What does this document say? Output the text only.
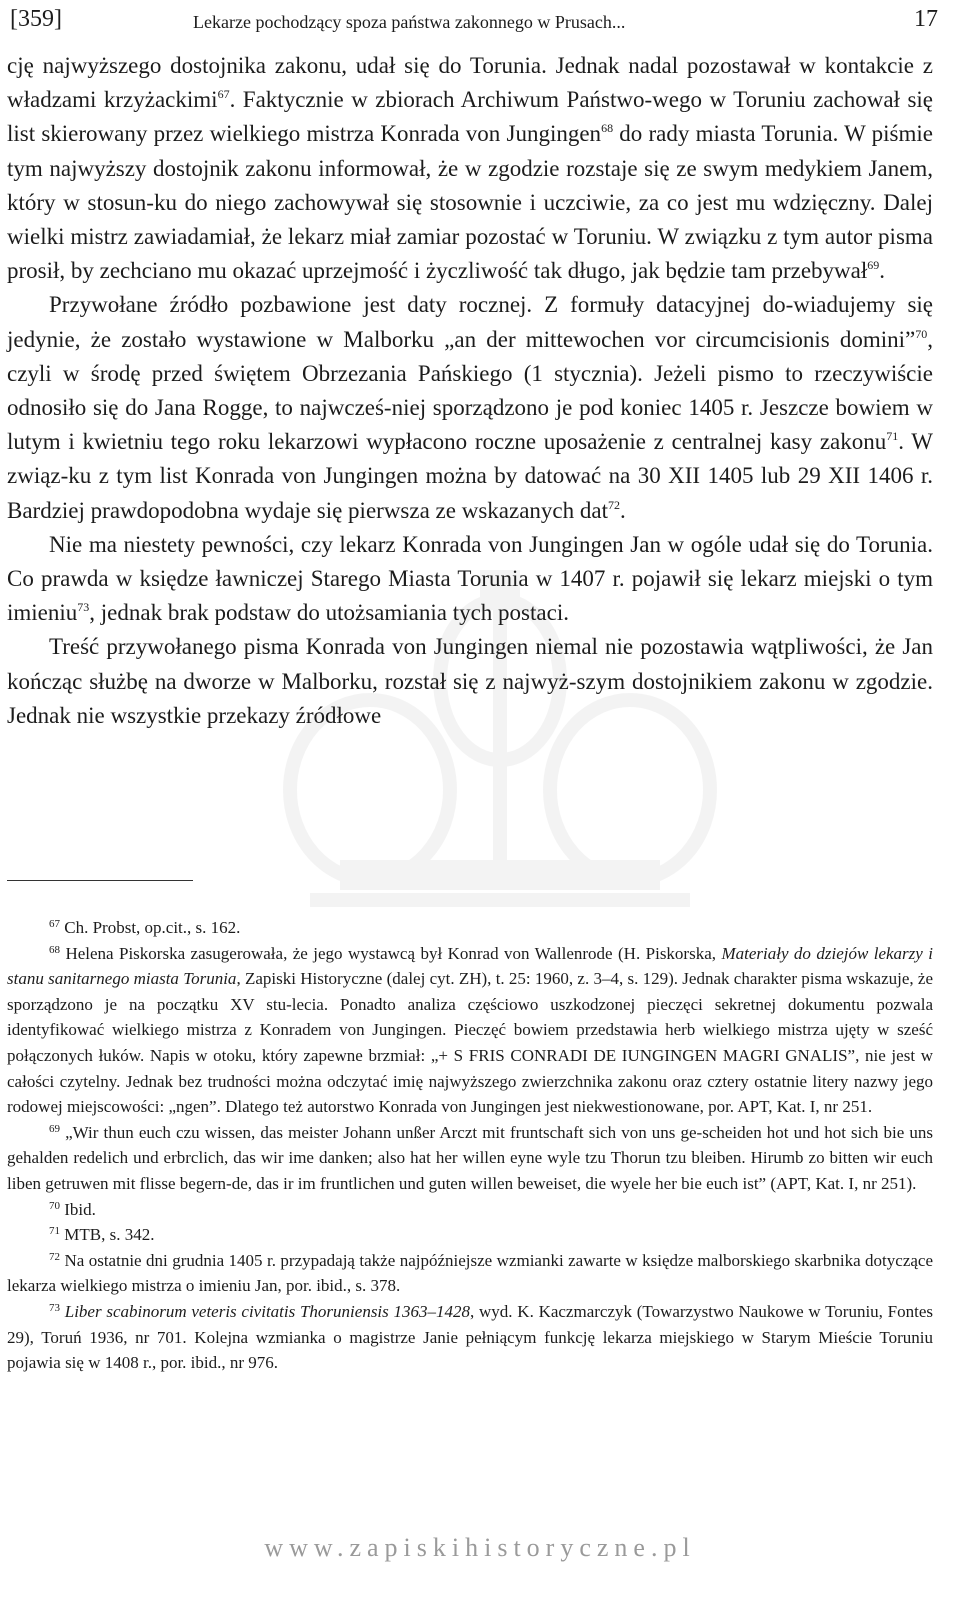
[359]	Lekarze pochodzący spoza państwa zakonnego w Prusach...	17

cję najwyższego dostojnika zakonu, udał się do Torunia. Jednak nadal pozostawał w kontakcie z władzami krzyżackimi$^{67}$. Faktycznie w zbiorach Archiwum Państwo-wego w Toruniu zachował się list skierowany przez wielkiego mistrza Konrada von Jungingen$^{68}$ do rady miasta Torunia. W piśmie tym najwyższy dostojnik zakonu informował, że w zgodzie rozstaje się ze swym medykiem Janem, który w stosun-ku do niego zachowywał się stosownie i uczciwie, za co jest mu wdzięczny. Dalej wielki mistrz zawiadamiał, że lekarz miał zamiar pozostać w Toruniu. W związku z tym autor pisma prosił, by zechciano mu okazać uprzejmość i życzliwość tak długo, jak będzie tam przebywał$^{69}$.

Przywołane źródło pozbawione jest daty rocznej. Z formuły datacyjnej do-wiadujemy się jedynie, że zostało wystawione w Malborku „an der mittewochen vor circumcisionis domini”$^{70}$, czyli w środę przed świętem Obrzezania Pańskiego (1 stycznia). Jeżeli pismo to rzeczywiście odnosiło się do Jana Rogge, to najwcześ-niej sporządzono je pod koniec 1405 r. Jeszcze bowiem w lutym i kwietniu tego roku lekarzowi wypłacono roczne uposażenie z centralnej kasy zakonu$^{71}$. W związ-ku z tym list Konrada von Jungingen można by datować na 30 XII 1405 lub 29 XII 1406 r. Bardziej prawdopodobna wydaje się pierwsza ze wskazanych dat$^{72}$.

Nie ma niestety pewności, czy lekarz Konrada von Jungingen Jan w ogóle udał się do Torunia. Co prawda w księdze ławniczej Starego Miasta Torunia w 1407 r. pojawił się lekarz miejski o tym imieniu$^{73}$, jednak brak podstaw do utożsamiania tych postaci.

Treść przywołanego pisma Konrada von Jungingen niemal nie pozostawia wątpliwości, że Jan kończąc służbę na dworze w Malborku, rozstał się z najwyż-szym dostojnikiem zakonu w zgodzie. Jednak nie wszystkie przekazy źródłowe

$^{67}$ Ch. Probst, op.cit., s. 162.

$^{68}$ Helena Piskorska zasugerowała, że jego wystawcą był Konrad von Wallenrode (H. Piskorska, Materiały do dziejów lekarzy i stanu sanitarnego miasta Torunia, Zapiski Historyczne (dalej cyt. ZH), t. 25: 1960, z. 3–4, s. 129). Jednak charakter pisma wskazuje, że sporządzono je na początku XV stu-lecia. Ponadto analiza częściowo uszkodzonej pieczęci sekretnej dokumentu pozwala identyfikować wielkiego mistrza z Konradem von Jungingen. Pieczęć bowiem przedstawia herb wielkiego mistrza ujęty w sześć połączonych łuków. Napis w otoku, który zapewne brzmiał: „+ S FRIS CONRADI DE IUNGINGEN MAGRI GNALIS”, nie jest w całości czytelny. Jednak bez trudności można odczytać imię najwyższego zwierzchnika zakonu oraz cztery ostatnie litery nazwy jego rodowej miejscowości: „ngen”. Dlatego też autorstwo Konrada von Jungingen jest niekwestionowane, por. APT, Kat. I, nr 251.

$^{69}$ „Wir thun euch czu wissen, das meister Johann unßer Arczt mit fruntschaft sich von uns ge-scheiden hot und hot sich bie uns gehalden redelich und erbrclich, das wir ime danken; also hat her willen eyne wyle tzu Thorun tzu bleiben. Hirumb zo bitten wir euch liben getruwen mit flisse begern-de, das ir im fruntlichen und guten willen beweiset, die wyele her bie euch ist” (APT, Kat. I, nr 251).

$^{70}$ Ibid.

$^{71}$ MTB, s. 342.

$^{72}$ Na ostatnie dni grudnia 1405 r. przypadają także najpóźniejsze wzmianki zawarte w księdze malborskiego skarbnika dotyczące lekarza wielkiego mistrza o imieniu Jan, por. ibid., s. 378.

$^{73}$ Liber scabinorum veteris civitatis Thoruniensis 1363–1428, wyd. K. Kaczmarczyk (Towarzystwo Naukowe w Toruniu, Fontes 29), Toruń 1936, nr 701. Kolejna wzmianka o magistrze Janie pełniącym funkcję lekarza miejskiego w Starym Mieście Toruniu pojawia się w 1408 r., por. ibid., nr 976.

www.zapiskihistoryczne.pl
